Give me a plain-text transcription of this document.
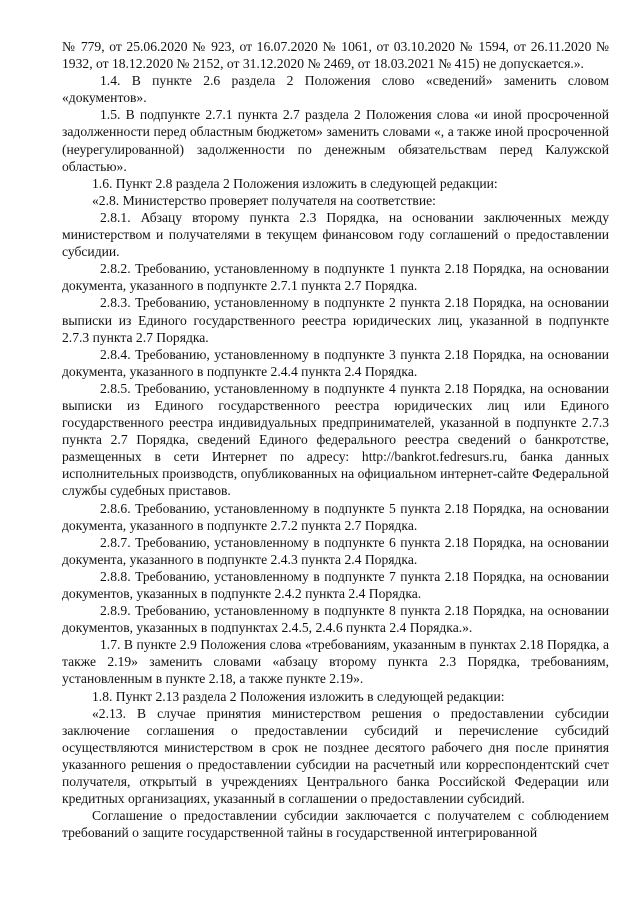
№ 779, от 25.06.2020 № 923, от 16.07.2020 № 1061, от 03.10.2020 № 1594, от 26.11.2020 № 1932, от 18.12.2020 № 2152, от 31.12.2020 № 2469, от 18.03.2021 № 415) не допускается.».

1.4. В пункте 2.6 раздела 2 Положения слово «сведений» заменить словом «документов».

1.5. В подпункте 2.7.1 пункта 2.7 раздела 2 Положения слова «и иной просроченной задолженности перед областным бюджетом» заменить словами «, а также иной просроченной (неурегулированной) задолженности по денежным обязательствам перед Калужской областью».

1.6. Пункт 2.8 раздела 2 Положения изложить в следующей редакции:

«2.8. Министерство проверяет получателя на соответствие:

2.8.1. Абзацу второму пункта 2.3 Порядка, на основании заключенных между министерством и получателями в текущем финансовом году соглашений о предоставлении субсидии.

2.8.2. Требованию, установленному в подпункте 1 пункта 2.18 Порядка, на основании документа, указанного в подпункте 2.7.1 пункта 2.7 Порядка.

2.8.3. Требованию, установленному в подпункте 2 пункта 2.18 Порядка, на основании выписки из Единого государственного реестра юридических лиц, указанной в подпункте 2.7.3 пункта 2.7 Порядка.

2.8.4. Требованию, установленному в подпункте 3 пункта 2.18 Порядка, на основании документа, указанного в подпункте 2.4.4 пункта 2.4 Порядка.

2.8.5. Требованию, установленному в подпункте 4 пункта 2.18 Порядка, на основании выписки из Единого государственного реестра юридических лиц или Единого государственного реестра индивидуальных предпринимателей, указанной в подпункте 2.7.3 пункта 2.7 Порядка, сведений Единого федерального реестра сведений о банкротстве, размещенных в сети Интернет по адресу: http://bankrot.fedresurs.ru, банка данных исполнительных производств, опубликованных на официальном интернет-сайте Федеральной службы судебных приставов.

2.8.6. Требованию, установленному в подпункте 5 пункта 2.18 Порядка, на основании документа, указанного в подпункте 2.7.2 пункта 2.7 Порядка.

2.8.7. Требованию, установленному в подпункте 6 пункта 2.18 Порядка, на основании документа, указанного в подпункте 2.4.3 пункта 2.4 Порядка.

2.8.8. Требованию, установленному в подпункте 7 пункта 2.18 Порядка, на основании документов, указанных в подпункте 2.4.2 пункта 2.4 Порядка.

2.8.9. Требованию, установленному в подпункте 8 пункта 2.18 Порядка, на основании документов, указанных в подпунктах 2.4.5, 2.4.6 пункта 2.4 Порядка.».

1.7. В пункте 2.9 Положения слова «требованиям, указанным в пунктах 2.18 Порядка, а также 2.19» заменить словами «абзацу второму пункта 2.3 Порядка, требованиям, установленным в пункте 2.18, а также пункте 2.19».

1.8. Пункт 2.13 раздела 2 Положения изложить в следующей редакции:

«2.13. В случае принятия министерством решения о предоставлении субсидии заключение соглашения о предоставлении субсидий и перечисление субсидий осуществляются министерством в срок не позднее десятого рабочего дня после принятия указанного решения о предоставлении субсидии на расчетный или корреспондентский счет получателя, открытый в учреждениях Центрального банка Российской Федерации или кредитных организациях, указанный в соглашении о предоставлении субсидий.

Соглашение о предоставлении субсидии заключается с получателем с соблюдением требований о защите государственной тайны в государственной интегрированной
